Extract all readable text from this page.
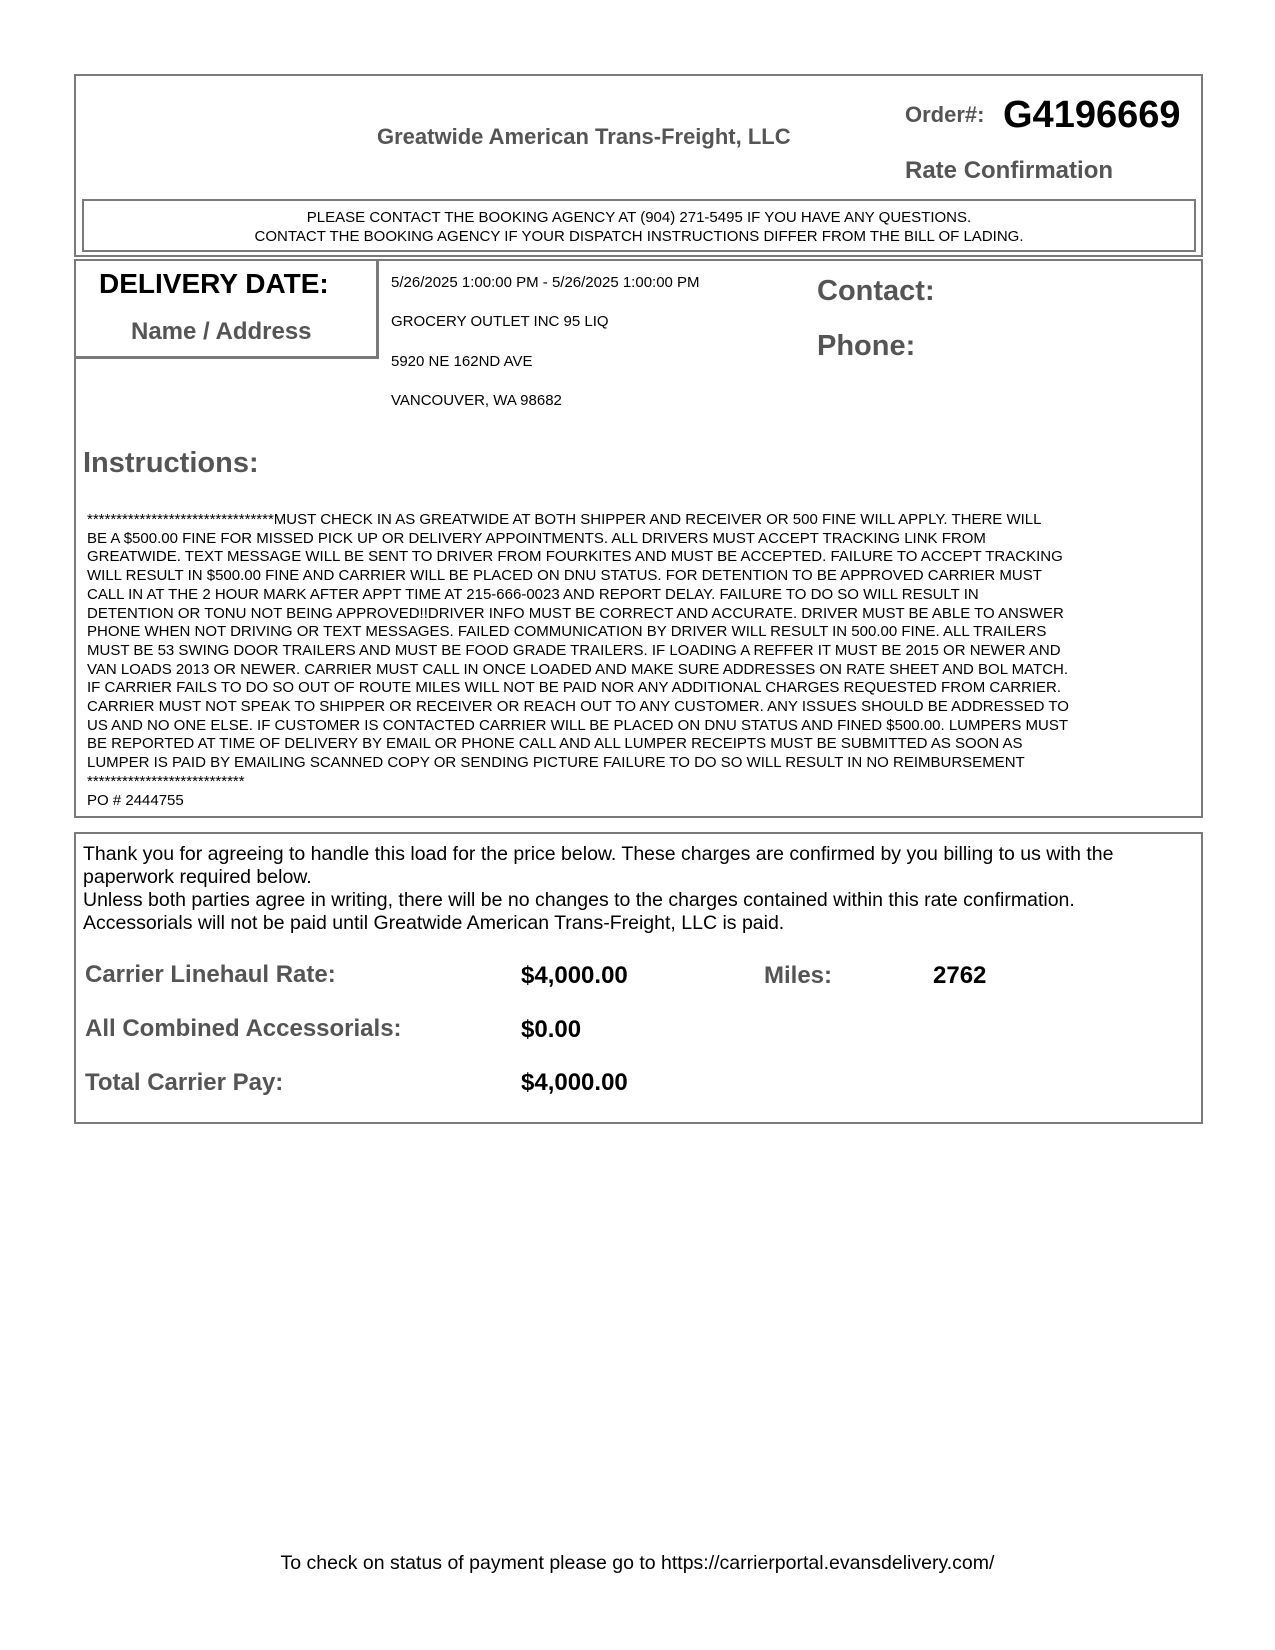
Greatwide American Trans-Freight, LLC
Order#: G4196669
Rate Confirmation
PLEASE CONTACT THE BOOKING AGENCY AT (904) 271-5495 IF YOU HAVE ANY QUESTIONS.
CONTACT THE BOOKING AGENCY IF YOUR DISPATCH INSTRUCTIONS DIFFER FROM THE BILL OF LADING.
DELIVERY DATE:
Name / Address
5/26/2025 1:00:00 PM - 5/26/2025 1:00:00 PM
GROCERY OUTLET INC 95 LIQ
5920 NE 162ND AVE
VANCOUVER, WA 98682
Contact:
Phone:
Instructions:
********************************MUST CHECK IN AS GREATWIDE AT BOTH SHIPPER AND RECEIVER OR 500 FINE WILL APPLY. THERE WILL
BE A $500.00 FINE FOR MISSED PICK UP OR DELIVERY APPOINTMENTS. ALL DRIVERS MUST ACCEPT TRACKING LINK FROM
GREATWIDE. TEXT MESSAGE WILL BE SENT TO DRIVER FROM FOURKITES AND MUST BE ACCEPTED. FAILURE TO ACCEPT TRACKING
WILL RESULT IN $500.00 FINE AND CARRIER WILL BE PLACED ON DNU STATUS. FOR DETENTION TO BE APPROVED CARRIER MUST
CALL IN AT THE 2 HOUR MARK AFTER APPT TIME AT 215-666-0023 AND REPORT DELAY. FAILURE TO DO SO WILL RESULT IN
DETENTION OR TONU NOT BEING APPROVED!!DRIVER INFO MUST BE CORRECT AND ACCURATE. DRIVER MUST BE ABLE TO ANSWER
PHONE WHEN NOT DRIVING OR TEXT MESSAGES. FAILED COMMUNICATION BY DRIVER WILL RESULT IN 500.00 FINE. ALL TRAILERS
MUST BE 53 SWING DOOR TRAILERS AND MUST BE FOOD GRADE TRAILERS. IF LOADING A REFFER IT MUST BE 2015 OR NEWER AND
VAN LOADS 2013 OR NEWER. CARRIER MUST CALL IN ONCE LOADED AND MAKE SURE ADDRESSES ON RATE SHEET AND BOL MATCH.
IF CARRIER FAILS TO DO SO OUT OF ROUTE MILES WILL NOT BE PAID NOR ANY ADDITIONAL CHARGES REQUESTED FROM CARRIER.
CARRIER MUST NOT SPEAK TO SHIPPER OR RECEIVER OR REACH OUT TO ANY CUSTOMER. ANY ISSUES SHOULD BE ADDRESSED TO
US AND NO ONE ELSE. IF CUSTOMER IS CONTACTED CARRIER WILL BE PLACED ON DNU STATUS AND FINED $500.00. LUMPERS MUST
BE REPORTED AT TIME OF DELIVERY BY EMAIL OR PHONE CALL AND ALL LUMPER RECEIPTS MUST BE SUBMITTED AS SOON AS
LUMPER IS PAID BY EMAILING SCANNED COPY OR SENDING PICTURE FAILURE TO DO SO WILL RESULT IN NO REIMBURSEMENT
***************************
PO # 2444755
Thank you for agreeing to handle this load for the price below. These charges are confirmed by you billing to us with the
paperwork required below.
Unless both parties agree in writing, there will be no changes to the charges contained within this rate confirmation.
Accessorials will not be paid until Greatwide American Trans-Freight, LLC is paid.
Carrier Linehaul Rate:	$4,000.00	Miles:	2762
All Combined Accessorials:	$0.00
Total Carrier Pay:	$4,000.00
To check on status of payment please go to https://carrierportal.evansdelivery.com/
